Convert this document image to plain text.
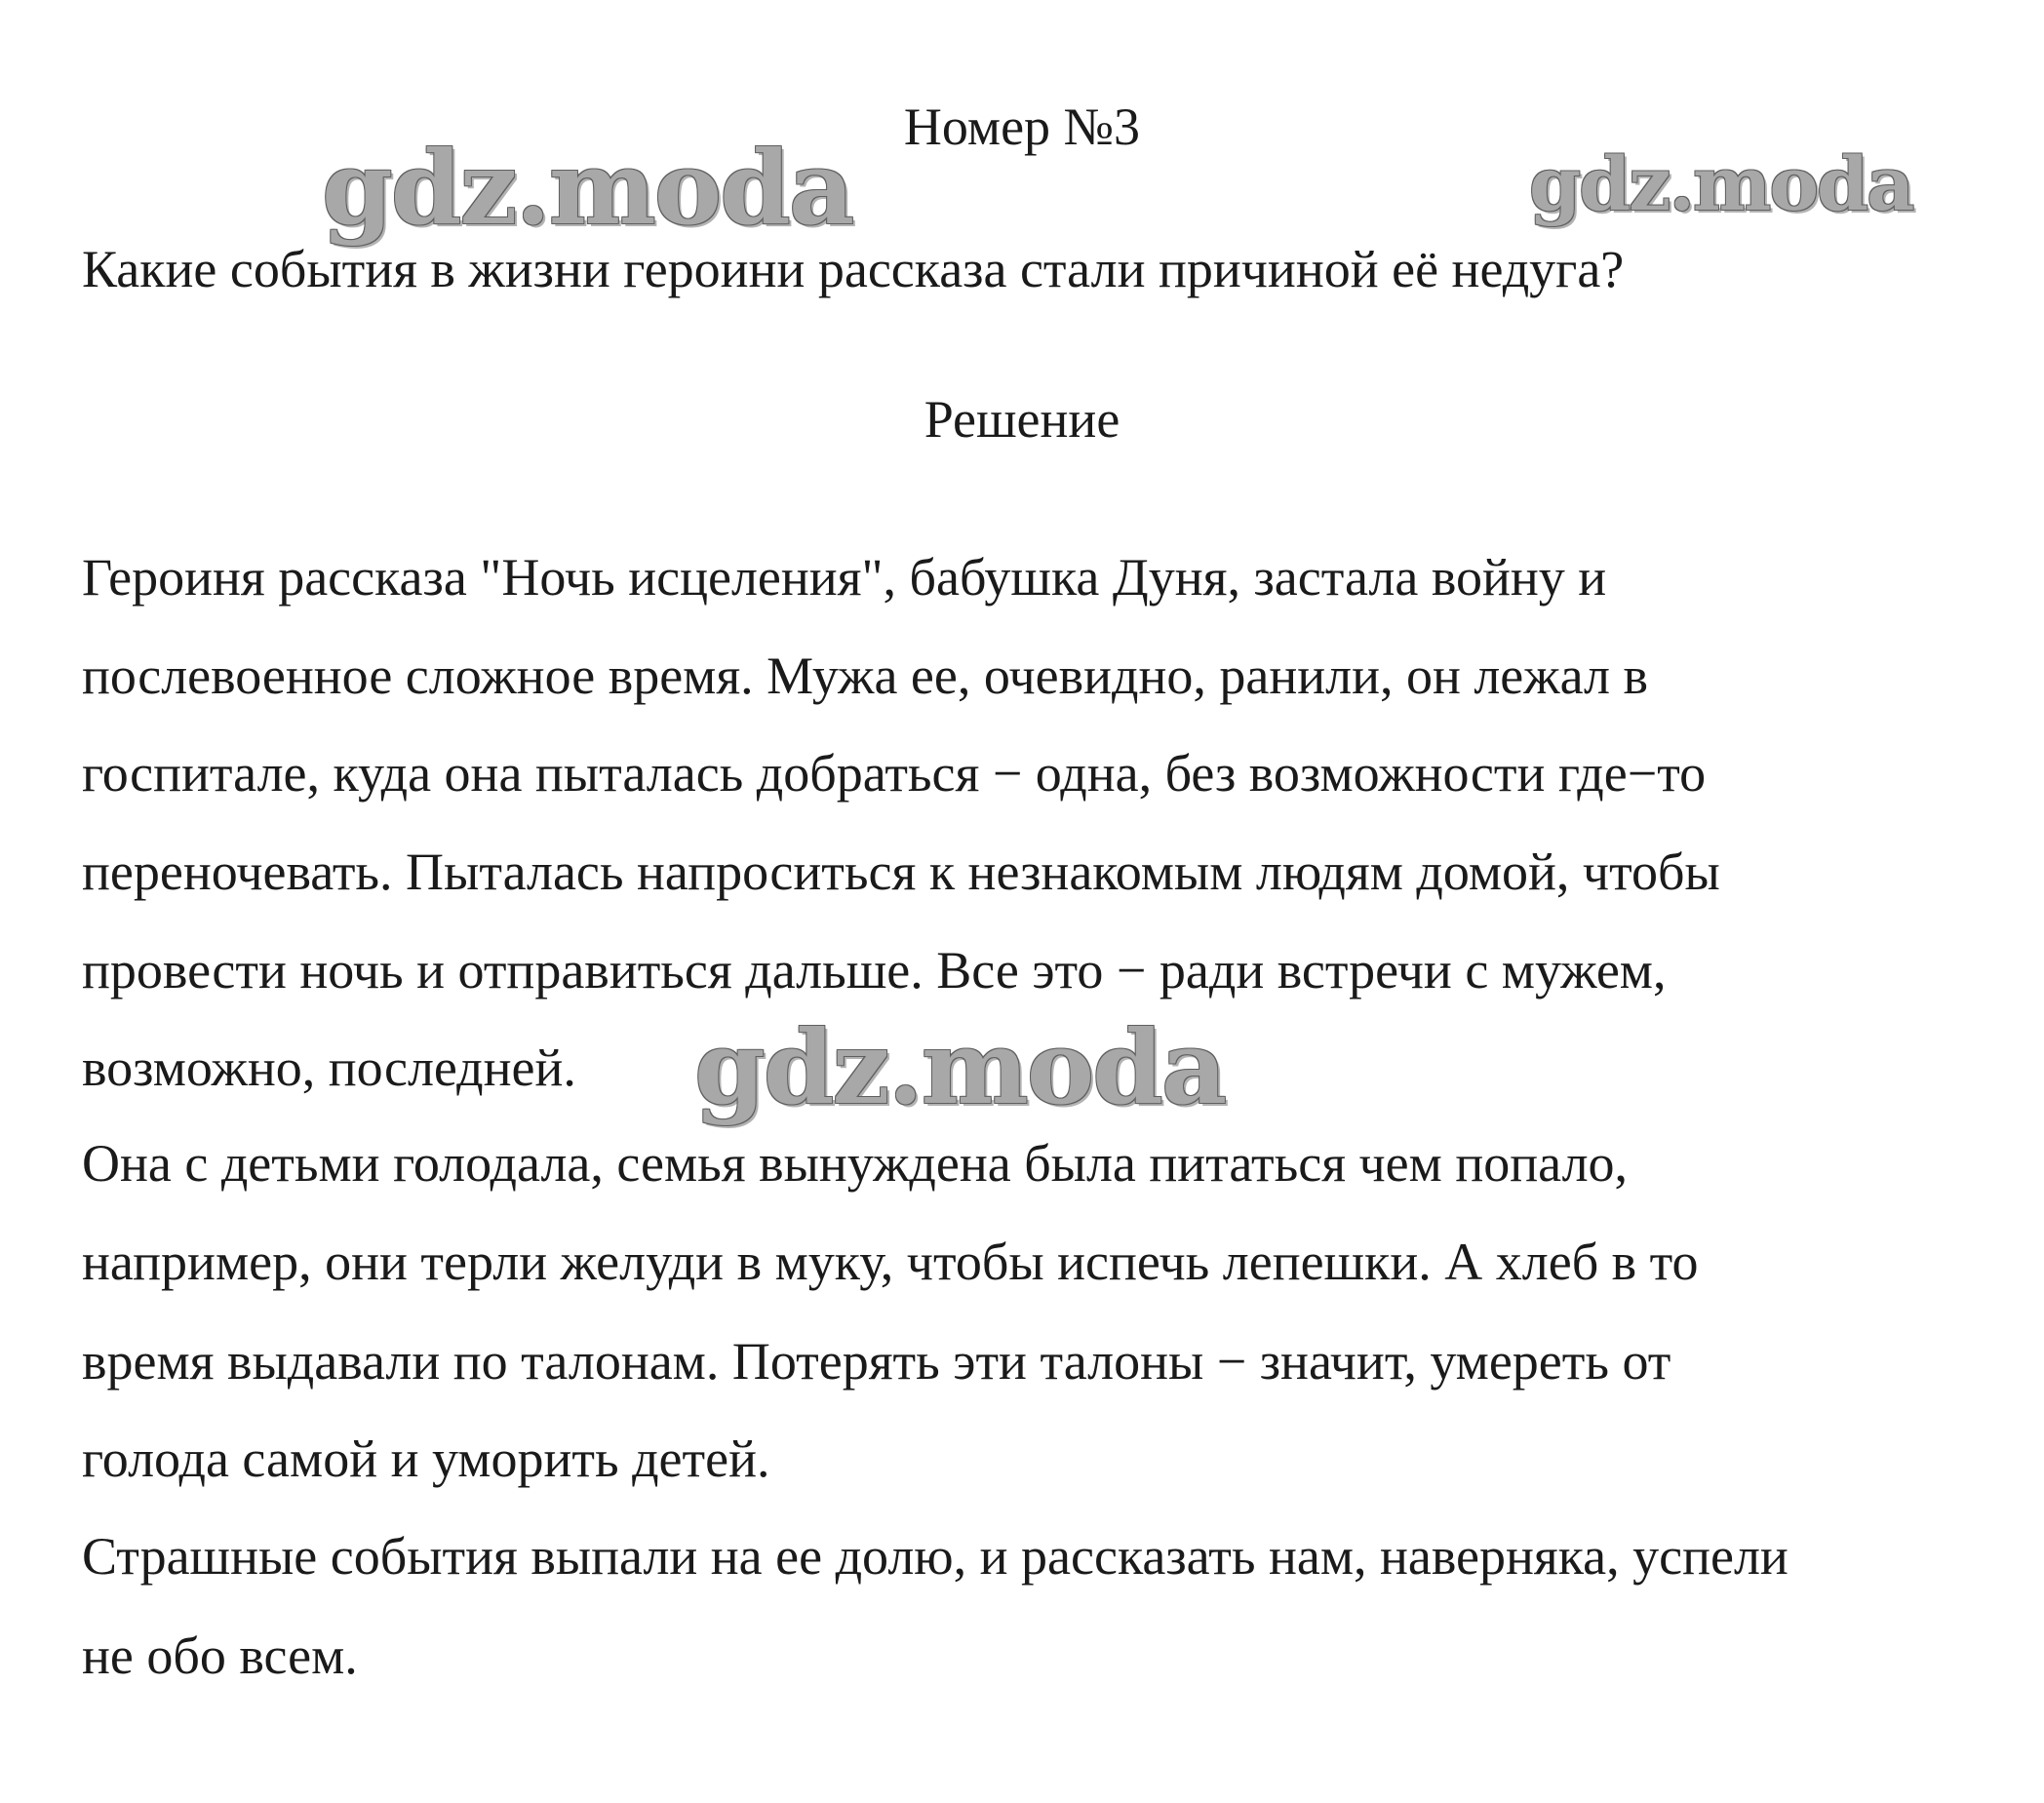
Номер №3
Какие события в жизни героини рассказа стали причиной её недуга?
Решение
Героиня рассказа "Ночь исцеления", бабушка Дуня, застала войну и
послевоенное сложное время. Мужа ее, очевидно, ранили, он лежал в
госпитале, куда она пыталась добраться − одна, без возможности где−то
переночевать. Пыталась напроситься к незнакомым людям домой, чтобы
провести ночь и отправиться дальше. Все это − ради встречи с мужем,
возможно, последней.
Она с детьми голодала, семья вынуждена была питаться чем попало,
например, они терли желуди в муку, чтобы испечь лепешки. А хлеб в то
время выдавали по талонам. Потерять эти талоны − значит, умереть от
голода самой и уморить детей.
Страшные события выпали на ее долю, и рассказать нам, наверняка, успели
не обо всем.
gdz.moda	gdz.moda
gdz.moda
